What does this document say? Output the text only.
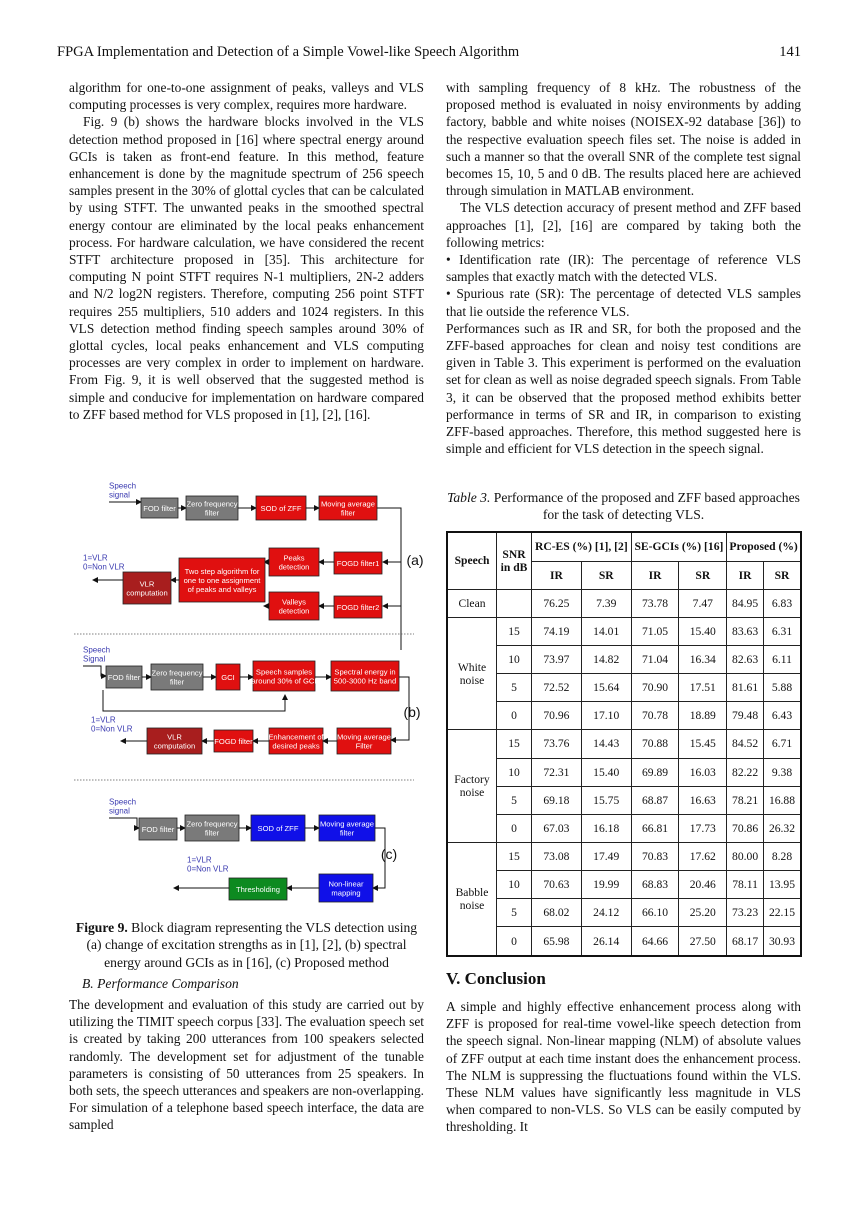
FPGA Implementation and Detection of a Simple Vowel-like Speech Algorithm	141

algorithm for one-to-one assignment of peaks, valleys and VLS computing processes is very complex, requires more hardware.

Fig. 9 (b) shows the hardware blocks involved in the VLS detection method proposed in [16] where spectral energy around GCIs is taken as front-end feature. In this method, feature enhancement is done by the magnitude spectrum of 256 speech samples present in the 30% of glottal cycles that can be calculated by using STFT. The unwanted peaks in the smoothed spectral energy contour are eliminated by the local peaks enhancement process. For hardware calculation, we have considered the recent STFT architecture proposed in [35]. This architecture for computing N point STFT requires N-1 multipliers, 2N-2 adders and N/2 log2N registers. Therefore, computing 256 point STFT requires 255 multipliers, 510 adders and 1024 registers. In this VLS detection method finding speech samples around 30% of glottal cycles, local peaks enhancement and VLS computing processes are very complex in order to implement on hardware. From Fig. 9, it is well observed that the suggested method is simple and conducive for implementation on hardware compared to ZFF based method for VLS proposed in [1], [2], [16].

Speech
signal
FOD filter Zero frequency
filter	SOD of ZFF	Moving average
filter
FOGD filter1
FOGD filter2
Peaks
detection
Valleys
detection
Two step algorithm for
one to one assignment
of peaks and valleys
VLR
computation
1=VLR
0=Non VLR	(a)
Speech
Signal
FOD filter Zero frequency
filter	GCI
Speech samples
around 30% of GCI
Spectral energy in
500-3000 Hz band
Moving average
Filter
Enhancement of
desired peaks
FOGD filter
VLR
computation
1=VLR
0=Non VLR
(b)
Speech
signal
FOD filter
Zero frequency
filter	SOD of ZFF	Moving average
filter
Non-linear
mapping
Thresholding
1=VLR
0=Non VLR
(c)
Figure 9. Block diagram representing the VLS detection using (a) change of excitation strengths as in [1], [2], (b) spectral energy around GCIs as in [16], (c) Proposed method
B. Performance Comparison

The development and evaluation of this study are carried out by utilizing the TIMIT speech corpus [33]. The evaluation speech set is created by taking 200 utterances from 100 speakers selected randomly. The development set for adjustment of the tunable parameters is consisting of 50 utterances from 25 speakers. In both sets, the speech utterances and speakers are non-overlapping. For simulation of a telephone based speech interface, the data are sampled

with sampling frequency of 8 kHz. The robustness of the proposed method is evaluated in noisy environments by adding factory, babble and white noises (NOISEX-92 database [36]) to the respective evaluation speech files set. The noise is added in such a manner so that the overall SNR of the complete test signal becomes 15, 10, 5 and 0 dB. The results placed here are achieved through simulation in MATLAB environment.

The VLS detection accuracy of present method and ZFF based approaches [1], [2], [16] are compared by taking both the following metrics:

• Identification rate (IR): The percentage of reference VLS samples that exactly match with the detected VLS.

• Spurious rate (SR): The percentage of detected VLS samples that lie outside the reference VLS.

Performances such as IR and SR, for both the proposed and the ZFF-based approaches for clean and noisy test conditions are given in Table 3. This experiment is performed on the evaluation set for clean as well as noise degraded speech signals. From Table 3, it can be observed that the proposed method exhibits better performance in terms of SR and IR, in comparison to existing ZFF-based approaches. Therefore, this method suggested here is simple and efficient for VLS detection in the speech signal.

Table 3. Performance of the proposed and ZFF based approaches for the task of detecting VLS.
Speech	SNR in dB	RC-ES (%) [1], [2]		SE-GCIs (%) [16]		Proposed (%)	
		IR	SR	IR	SR	IR	SR
Clean		76.25	7.39	73.78	7.47	84.95	6.83
White noise	15	74.19	14.01	71.05	15.40	83.63	6.31
	10	73.97	14.82	71.04	16.34	82.63	6.11
	5	72.52	15.64	70.90	17.51	81.61	5.88
	0	70.96	17.10	70.78	18.89	79.48	6.43
Factory noise	15	73.76	14.43	70.88	15.45	84.52	6.71
	10	72.31	15.40	69.89	16.03	82.22	9.38
	5	69.18	15.75	68.87	16.63	78.21	16.88
	0	67.03	16.18	66.81	17.73	70.86	26.32
Babble noise	15	73.08	17.49	70.83	17.62	80.00	8.28
	10	70.63	19.99	68.83	20.46	78.11	13.95
	5	68.02	24.12	66.10	25.20	73.23	22.15
	0	65.98	26.14	64.66	27.50	68.17	30.93
V. Conclusion

A simple and highly effective enhancement process along with ZFF is proposed for real-time vowel-like speech detection from the speech signal. Non-linear mapping (NLM) of absolute values of ZFF output at each time instant does the enhancement process. The NLM is suppressing the fluctuations found within the VLS. These NLM values have significantly less magnitude in VLS when compared to non-VLS. So VLS can be easily computed by thresholding. It
